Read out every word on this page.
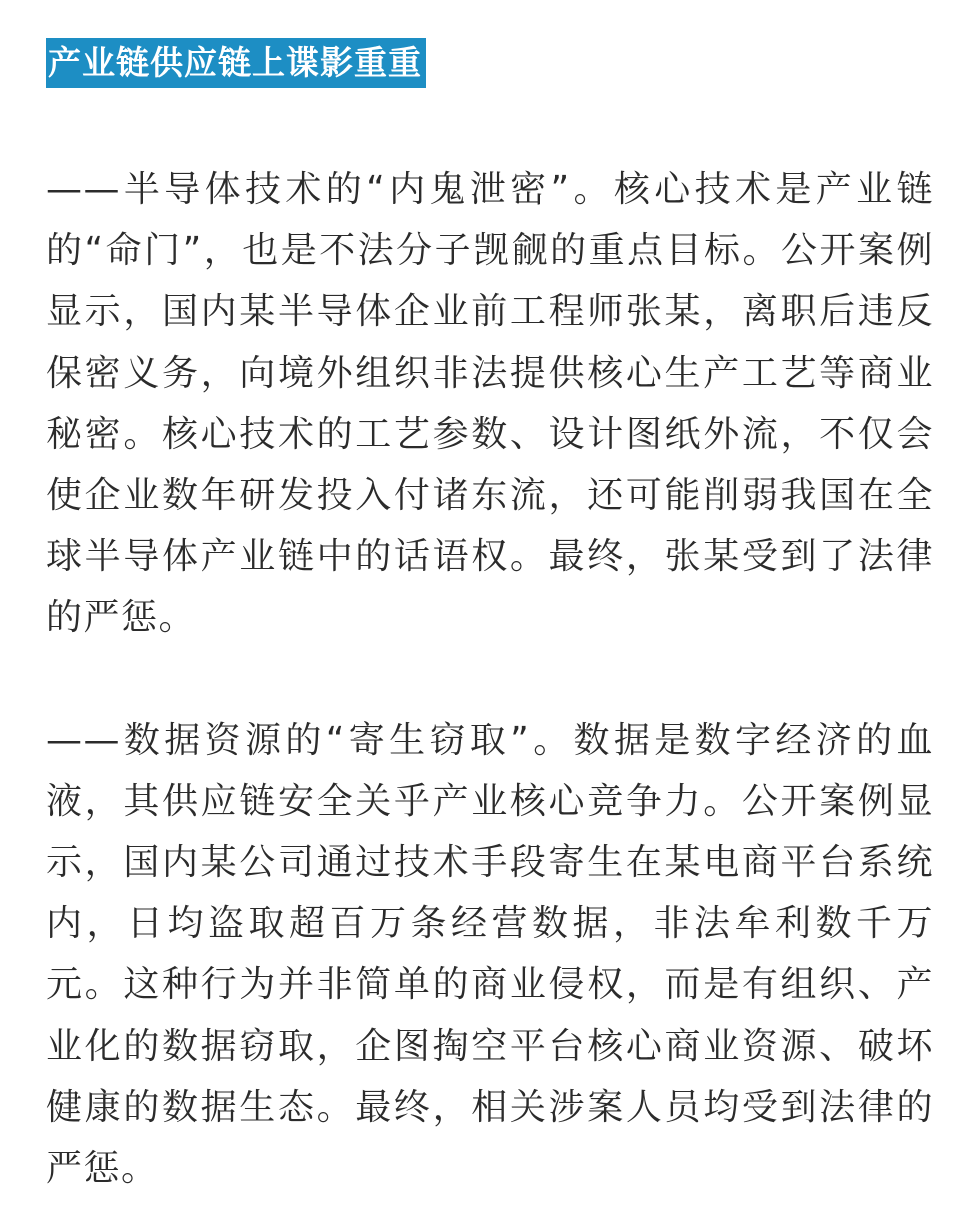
产业链供应链上谍影重重

——半导体技术的“内鬼泄密”。核心技术是产业链的“命门”，也是不法分子觊觎的重点目标。公开案例显示，国内某半导体企业前工程师张某，离职后违反保密义务，向境外组织非法提供核心生产工艺等商业秘密。核心技术的工艺参数、设计图纸外流，不仅会使企业数年研发投入付诸东流，还可能削弱我国在全球半导体产业链中的话语权。最终，张某受到了法律的严惩。

——数据资源的“寄生窃取”。数据是数字经济的血液，其供应链安全关乎产业核心竞争力。公开案例显示，国内某公司通过技术手段寄生在某电商平台系统内，日均盗取超百万条经营数据，非法牟利数千万元。这种行为并非简单的商业侵权，而是有组织、产业化的数据窃取，企图掏空平台核心商业资源、破坏健康的数据生态。最终，相关涉案人员均受到法律的严惩。
